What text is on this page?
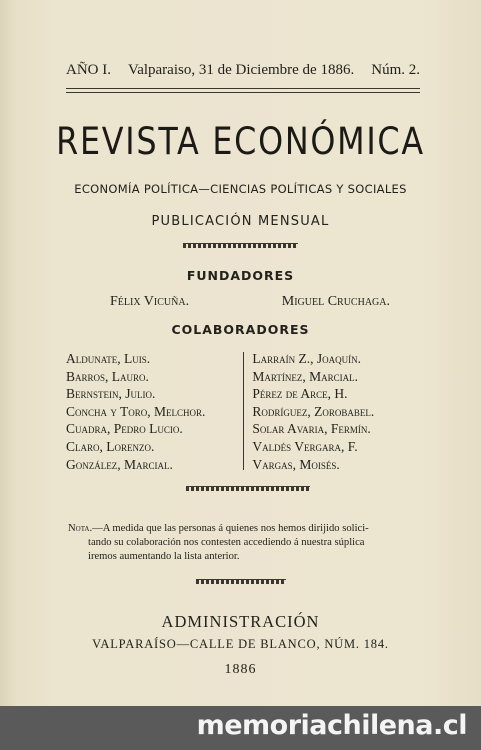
AÑO I.	Valparaiso, 31 de Diciembre de 1886.	Núm. 2.
REVISTA ECONÓMICA
ECONOMÍA POLÍTICA—CIENCIAS POLÍTICAS Y SOCIALES
PUBLICACIÓN MENSUAL
FUNDADORES
Félix Vicuña.	Miguel Cruchaga.
COLABORADORES
Aldunate, Luis.
Barros, Lauro.
Bernstein, Julio.
Concha y Toro, Melchor.
Cuadra, Pedro Lucio.
Claro, Lorenzo.
González, Marcial.
Larraín Z., Joaquín.
Martínez, Marcial.
Pérez de Arce, H.
Rodríguez, Zorobabel.
Solar Avaria, Fermín.
Valdés Vergara, F.
Vargas, Moisés.
Nota.—A medida que las personas á quienes nos hemos dirijido solici-
tando su colaboración nos contesten accediendo á nuestra súplica
iremos aumentando la lista anterior.
ADMINISTRACIÓN
VALPARAÍSO—CALLE DE BLANCO, NÚM. 184.
1886
memoriachilena.cl
